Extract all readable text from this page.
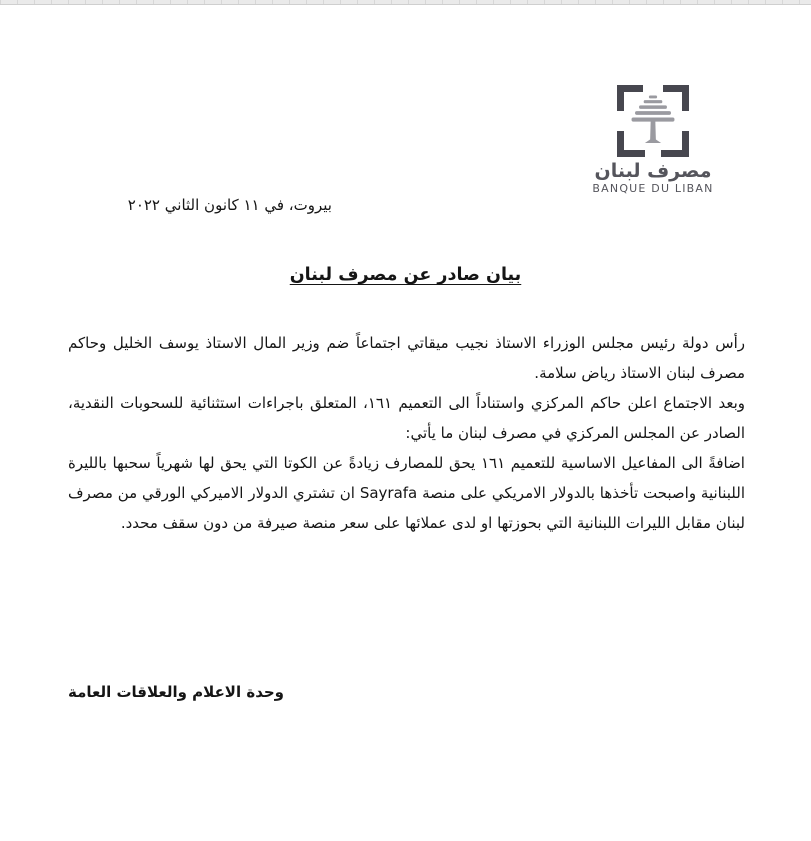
مصرف لبنان
BANQUE DU LIBAN
بيروت، في ١١ كانون الثاني ٢٠٢٢
بيان صادر عن مصرف لبنان

رأس دولة رئيس مجلس الوزراء الاستاذ نجيب ميقاتي اجتماعاً ضم وزير المال الاستاذ يوسف الخليل وحاكم مصرف لبنان الاستاذ رياض سلامة.

وبعد الاجتماع اعلن حاكم المركزي واستناداً الى التعميم ١٦١، المتعلق باجراءات استثنائية للسحوبات النقدية، الصادر عن المجلس المركزي في مصرف لبنان ما يأتي:

اضافةً الى المفاعيل الاساسية للتعميم ١٦١ يحق للمصارف زيادةً عن الكوتا التي يحق لها شهرياً سحبها بالليرة اللبنانية واصبحت تأخذها بالدولار الامريكي على منصة Sayrafa ان تشتري الدولار الاميركي الورقي من مصرف لبنان مقابل الليرات اللبنانية التي بحوزتها او لدى عملائها على سعر منصة صيرفة من دون سقف محدد.

وحدة الاعلام والعلاقات العامة
